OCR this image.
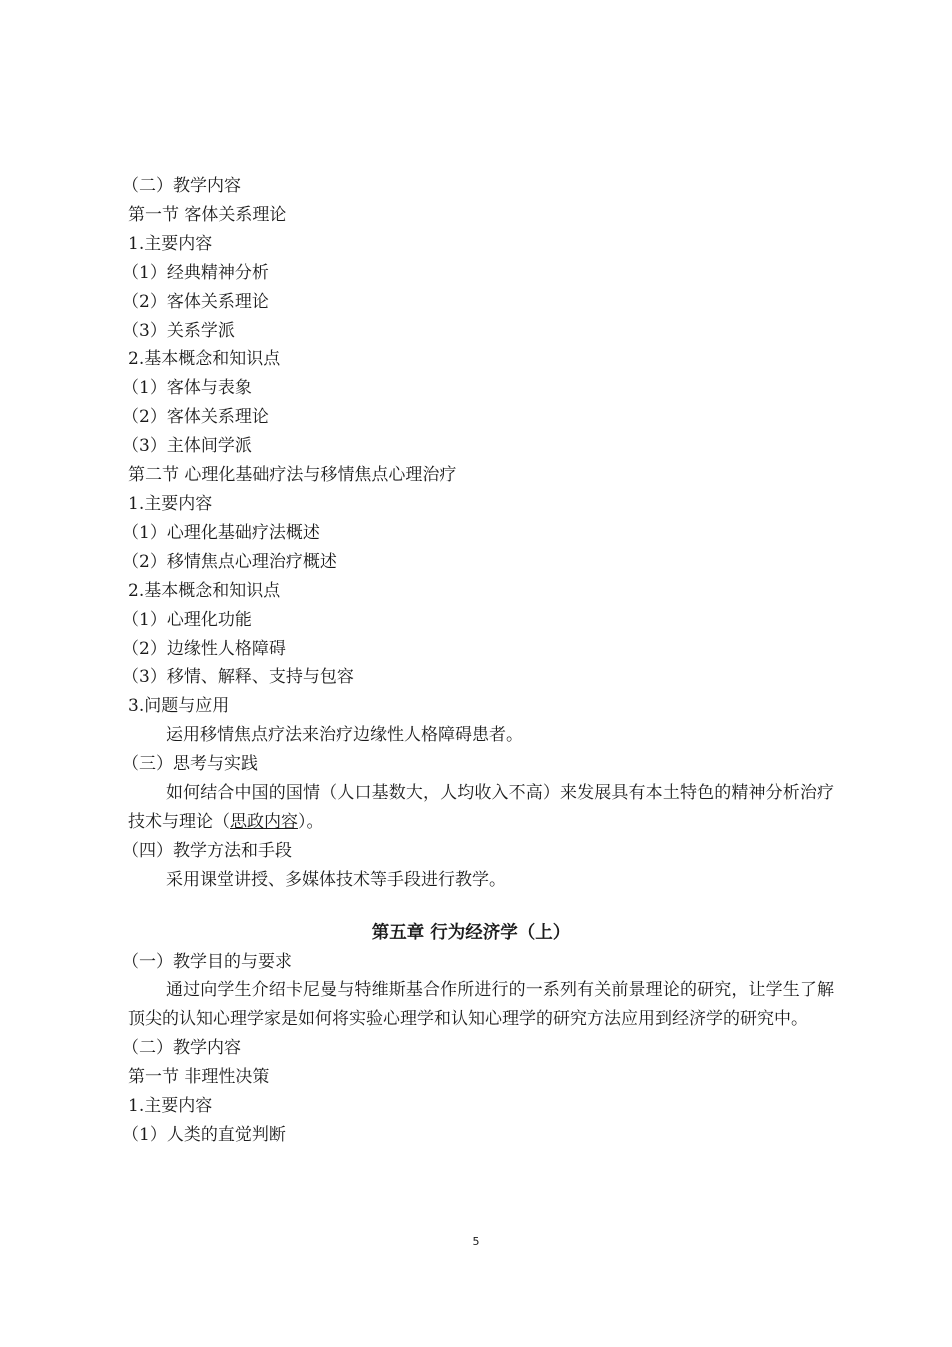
（二）教学内容

第一节 客体关系理论

1.主要内容

（1）经典精神分析

（2）客体关系理论

（3）关系学派

2.基本概念和知识点

（1）客体与表象

（2）客体关系理论

（3）主体间学派

第二节 心理化基础疗法与移情焦点心理治疗

1.主要内容

（1）心理化基础疗法概述

（2）移情焦点心理治疗概述

2.基本概念和知识点

（1）心理化功能

（2）边缘性人格障碍

（3）移情、解释、支持与包容

3.问题与应用

运用移情焦点疗法来治疗边缘性人格障碍患者。

（三）思考与实践

如何结合中国的国情（人口基数大，人均收入不高）来发展具有本土特色的精神分析治疗技术与理论（思政内容）。

（四）教学方法和手段

采用课堂讲授、多媒体技术等手段进行教学。

第五章 行为经济学（上）

（一）教学目的与要求

通过向学生介绍卡尼曼与特维斯基合作所进行的一系列有关前景理论的研究，让学生了解顶尖的认知心理学家是如何将实验心理学和认知心理学的研究方法应用到经济学的研究中。

（二）教学内容

第一节 非理性决策

1.主要内容

（1）人类的直觉判断

5
